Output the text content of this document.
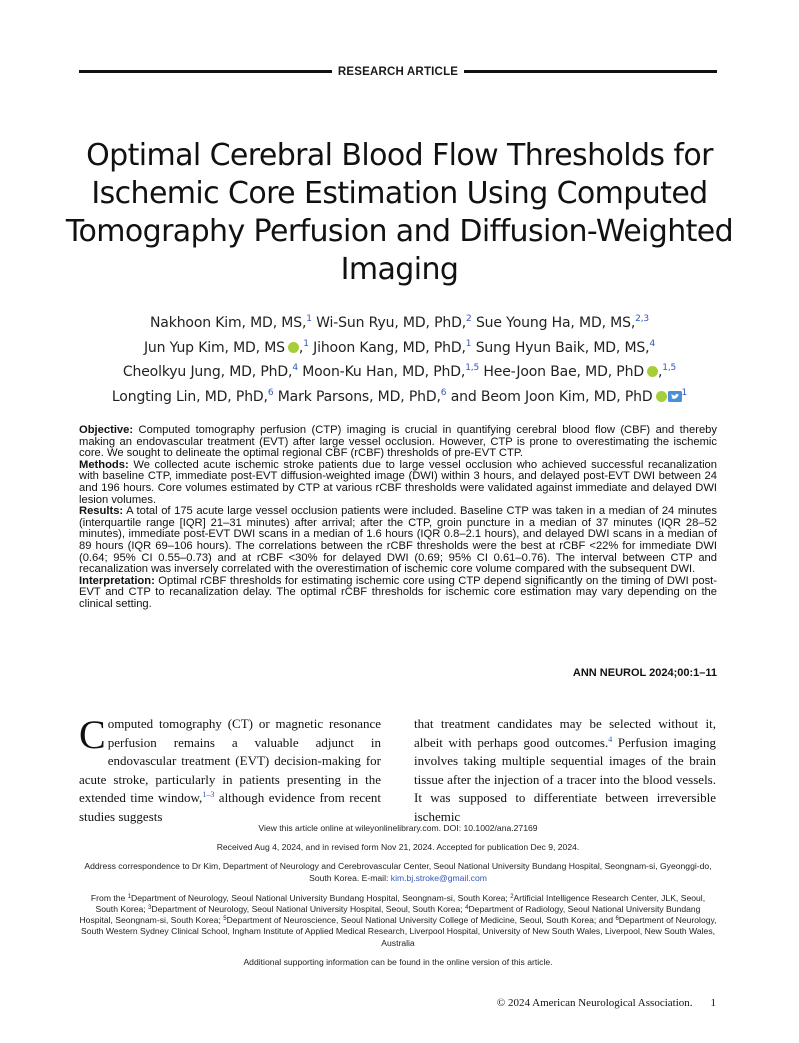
RESEARCH ARTICLE
Optimal Cerebral Blood Flow Thresholds for Ischemic Core Estimation Using Computed Tomography Perfusion and Diffusion-Weighted Imaging
Nakhoon Kim, MD, MS,$^1$ Wi-Sun Ryu, MD, PhD,$^2$ Sue Young Ha, MD, MS,$^{2,3}$
Jun Yup Kim, MD, MS ,$^1$ Jihoon Kang, MD, PhD,$^1$ Sung Hyun Baik, MD, MS,$^4$
Cheolkyu Jung, MD, PhD,$^4$ Moon-Ku Han, MD, PhD,$^{1,5}$ Hee-Joon Bae, MD, PhD ,$^{1,5}$
Longting Lin, MD, PhD,$^6$ Mark Parsons, MD, PhD,$^6$ and Beom Joon Kim, MD, PhD	$^1$

Objective: Computed tomography perfusion (CTP) imaging is crucial in quantifying cerebral blood flow (CBF) and thereby making an endovascular treatment (EVT) after large vessel occlusion. However, CTP is prone to overestimating the ischemic core. We sought to delineate the optimal regional CBF (rCBF) thresholds of pre-EVT CTP.

Methods: We collected acute ischemic stroke patients due to large vessel occlusion who achieved successful recanalization with baseline CTP, immediate post-EVT diffusion-weighted image (DWI) within 3 hours, and delayed post-EVT DWI between 24 and 196 hours. Core volumes estimated by CTP at various rCBF thresholds were validated against immediate and delayed DWI lesion volumes.

Results: A total of 175 acute large vessel occlusion patients were included. Baseline CTP was taken in a median of 24 minutes (interquartile range [IQR] 21–31 minutes) after arrival; after the CTP, groin puncture in a median of 37 minutes (IQR 28–52 minutes), immediate post-EVT DWI scans in a median of 1.6 hours (IQR 0.8–2.1 hours), and delayed DWI scans in a median of 89 hours (IQR 69–106 hours). The correlations between the rCBF thresholds were the best at rCBF <22% for immediate DWI (0.64; 95% CI 0.55–0.73) and at rCBF <30% for delayed DWI (0.69; 95% CI 0.61–0.76). The interval between CTP and recanalization was inversely correlated with the overestimation of ischemic core volume compared with the subsequent DWI.

Interpretation: Optimal rCBF thresholds for estimating ischemic core using CTP depend significantly on the timing of DWI post-EVT and CTP to recanalization delay. The optimal rCBF thresholds for ischemic core estimation may vary depending on the clinical setting.

ANN NEUROL 2024;00:1–11
Computed tomography (CT) or magnetic resonance perfusion remains a valuable adjunct in endovascular treatment (EVT) decision-making for acute stroke, particularly in patients presenting in the extended time window,$^{1-3}$ although evidence from recent studies suggests
that treatment candidates may be selected without it, albeit with perhaps good outcomes.$^4$ Perfusion imaging involves taking multiple sequential images of the brain tissue after the injection of a tracer into the blood vessels. It was supposed to differentiate between irreversible ischemic

View this article online at wileyonlinelibrary.com. DOI: 10.1002/ana.27169

Received Aug 4, 2024, and in revised form Nov 21, 2024. Accepted for publication Dec 9, 2024.

Address correspondence to Dr Kim, Department of Neurology and Cerebrovascular Center, Seoul National University Bundang Hospital, Seongnam-si, Gyeonggi-do, South Korea. E-mail: kim.bj.stroke@gmail.com

From the $^1$Department of Neurology, Seoul National University Bundang Hospital, Seongnam-si, South Korea; $^2$Artificial Intelligence Research Center, JLK, Seoul, South Korea; $^3$Department of Neurology, Seoul National University Hospital, Seoul, South Korea; $^4$Department of Radiology, Seoul National University Bundang Hospital, Seongnam-si, South Korea; $^5$Department of Neuroscience, Seoul National University College of Medicine, Seoul, South Korea; and $^6$Department of Neurology, South Western Sydney Clinical School, Ingham Institute of Applied Medical Research, Liverpool Hospital, University of New South Wales, Liverpool, New South Wales, Australia

Additional supporting information can be found in the online version of this article.

© 2024 American Neurological Association. 1
